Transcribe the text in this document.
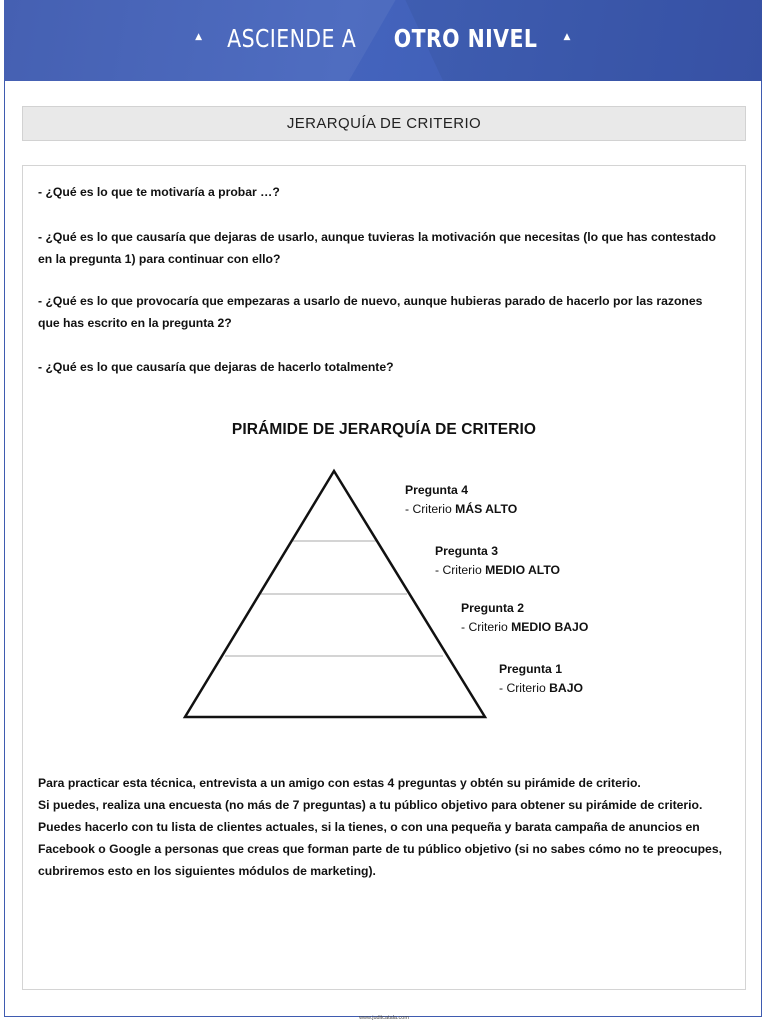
▲ ASCIENDE A OTRO NIVEL	▲
JERARQUÍA DE CRITERIO
- ¿Qué es lo que te motivaría a probar …?
- ¿Qué es lo que causaría que dejaras de usarlo, aunque tuvieras la motivación que necesitas (lo que has contestado en la pregunta 1) para continuar con ello?
- ¿Qué es lo que provocaría que empezaras a usarlo de nuevo, aunque hubieras parado de hacerlo por las razones que has escrito en la pregunta 2?
- ¿Qué es lo que causaría que dejaras de hacerlo totalmente?
PIRÁMIDE DE JERARQUÍA DE CRITERIO
Pregunta 4
- Criterio MÁS ALTO
Pregunta 3
- Criterio MEDIO ALTO
Pregunta 2
- Criterio MEDIO BAJO
Pregunta 1
- Criterio BAJO
Para practicar esta técnica, entrevista a un amigo con estas 4 preguntas y obtén su pirámide de criterio.
Si puedes, realiza una encuesta (no más de 7 preguntas) a tu público objetivo para obtener su pirámide de criterio. Puedes hacerlo con tu lista de clientes actuales, si la tienes, o con una pequeña y barata campaña de anuncios en Facebook o Google a personas que creas que forman parte de tu público objetivo (si no sabes cómo no te preocupes, cubriremos esto en los siguientes módulos de marketing).
www.juditcatala.com
